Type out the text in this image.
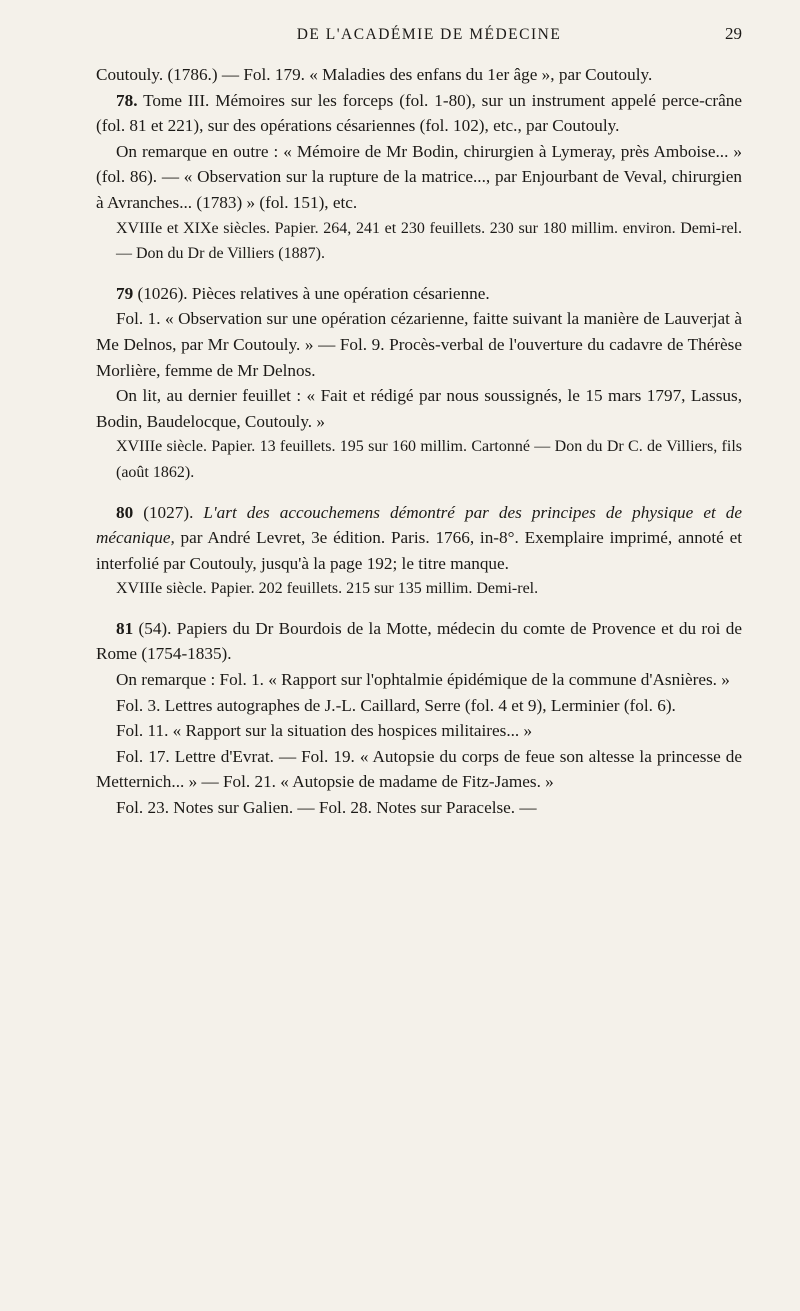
DE L'ACADÉMIE DE MÉDECINE	29

Coutouly. (1786.) — Fol. 179. « Maladies des enfans du 1er âge », par Coutouly.

78. Tome III. Mémoires sur les forceps (fol. 1-80), sur un instrument appelé perce-crâne (fol. 81 et 221), sur des opérations césariennes (fol. 102), etc., par Coutouly.

On remarque en outre : « Mémoire de Mr Bodin, chirurgien à Lymeray, près Amboise... » (fol. 86). — « Observation sur la rupture de la matrice..., par Enjourbant de Veval, chirurgien à Avranches... (1783) » (fol. 151), etc.

XVIIIe et XIXe siècles. Papier. 264, 241 et 230 feuillets. 230 sur 180 millim. environ. Demi-rel. — Don du Dr de Villiers (1887).

79 (1026). Pièces relatives à une opération césarienne.

Fol. 1. « Observation sur une opération cézarienne, faitte suivant la manière de Lauverjat à Me Delnos, par Mr Coutouly. » — Fol. 9. Procès-verbal de l'ouverture du cadavre de Thérèse Morlière, femme de Mr Delnos.

On lit, au dernier feuillet : « Fait et rédigé par nous soussignés, le 15 mars 1797, Lassus, Bodin, Baudelocque, Coutouly. »

XVIIIe siècle. Papier. 13 feuillets. 195 sur 160 millim. Cartonné — Don du Dr C. de Villiers, fils (août 1862).

80 (1027). L'art des accouchemens démontré par des principes de physique et de mécanique, par André Levret, 3e édition. Paris. 1766, in-8°. Exemplaire imprimé, annoté et interfolié par Coutouly, jusqu'à la page 192; le titre manque.

XVIIIe siècle. Papier. 202 feuillets. 215 sur 135 millim. Demi-rel.

81 (54). Papiers du Dr Bourdois de la Motte, médecin du comte de Provence et du roi de Rome (1754-1835).

On remarque : Fol. 1. « Rapport sur l'ophtalmie épidémique de la commune d'Asnières. »

Fol. 3. Lettres autographes de J.-L. Caillard, Serre (fol. 4 et 9), Lerminier (fol. 6).

Fol. 11. « Rapport sur la situation des hospices militaires... »

Fol. 17. Lettre d'Evrat. — Fol. 19. « Autopsie du corps de feue son altesse la princesse de Metternich... » — Fol. 21. « Autopsie de madame de Fitz-James. »

Fol. 23. Notes sur Galien. — Fol. 28. Notes sur Paracelse. —
